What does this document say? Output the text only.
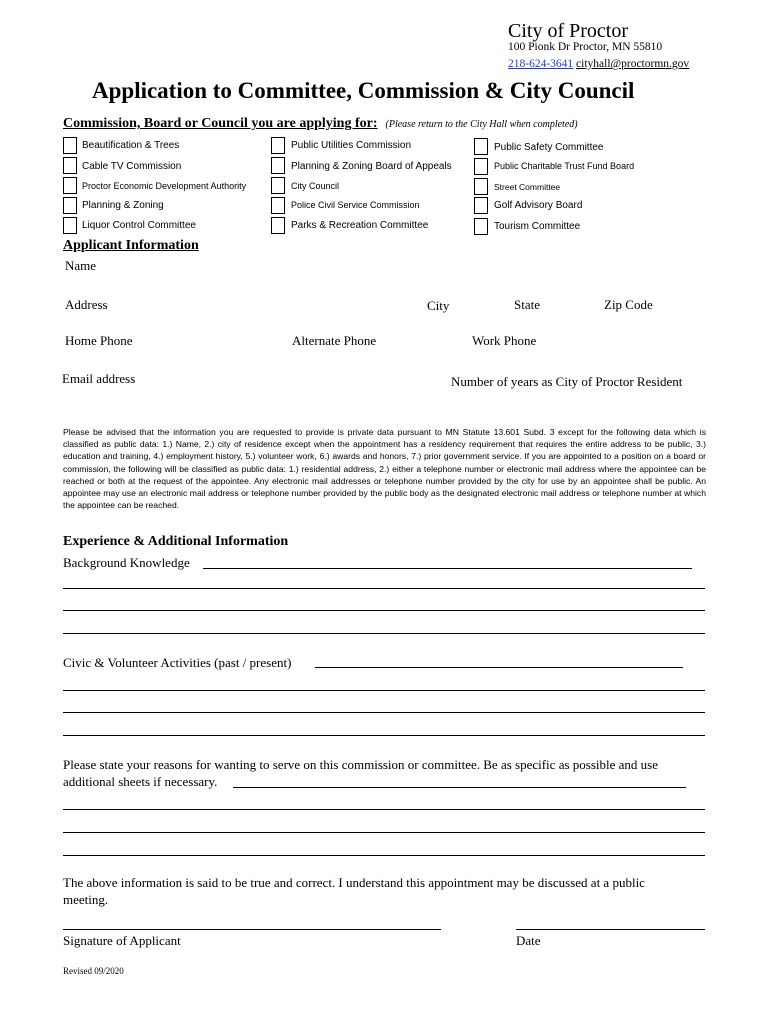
City of Proctor
100 Pionk Dr Proctor, MN 55810
218-624-3641 cityhall@proctormn.gov
Application to Committee, Commission & City Council
Commission, Board or Council you are applying for: (Please return to the City Hall when completed)
Beautification & Trees
Cable TV Commission
Proctor Economic Development Authority
Planning & Zoning
Liquor Control Committee
Public Utilities Commission
Planning & Zoning Board of Appeals
City Council
Police Civil Service Commission
Parks & Recreation Committee
Public Safety Committee
Public Charitable Trust Fund Board
Street Committee
Golf Advisory Board
Tourism Committee
Applicant Information
Name
Address	City	State	Zip Code
Home Phone	Alternate Phone	Work Phone
Email address	Number of years as City of Proctor Resident
Please be advised that the information you are requested to provide is private data pursuant to MN Statute 13.601 Subd. 3 except for the following data which is classified as public data: 1.) Name, 2.) city of residence except when the appointment has a residency requirement that requires the entire address to be public, 3.) education and training, 4.) employment history, 5.) volunteer work, 6.) awards and honors, 7.) prior government service. If you are appointed to a position on a board or commission, the following will be classified as public data: 1.) residential address, 2.) either a telephone number or electronic mail address where the appointee can be reached or both at the request of the appointee. Any electronic mail addresses or telephone number provided by the city for use by an appointee shall be public. An appointee may use an electronic mail address or telephone number provided by the public body as the designated electronic mail address or telephone number at which the appointee can be reached.
Experience & Additional Information
Background Knowledge
Civic & Volunteer Activities (past / present)
Please state your reasons for wanting to serve on this commission or committee. Be as specific as possible and use
additional sheets if necessary.
The above information is said to be true and correct. I understand this appointment may be discussed at a public
meeting.
Signature of Applicant	Date
Revised 09/2020
